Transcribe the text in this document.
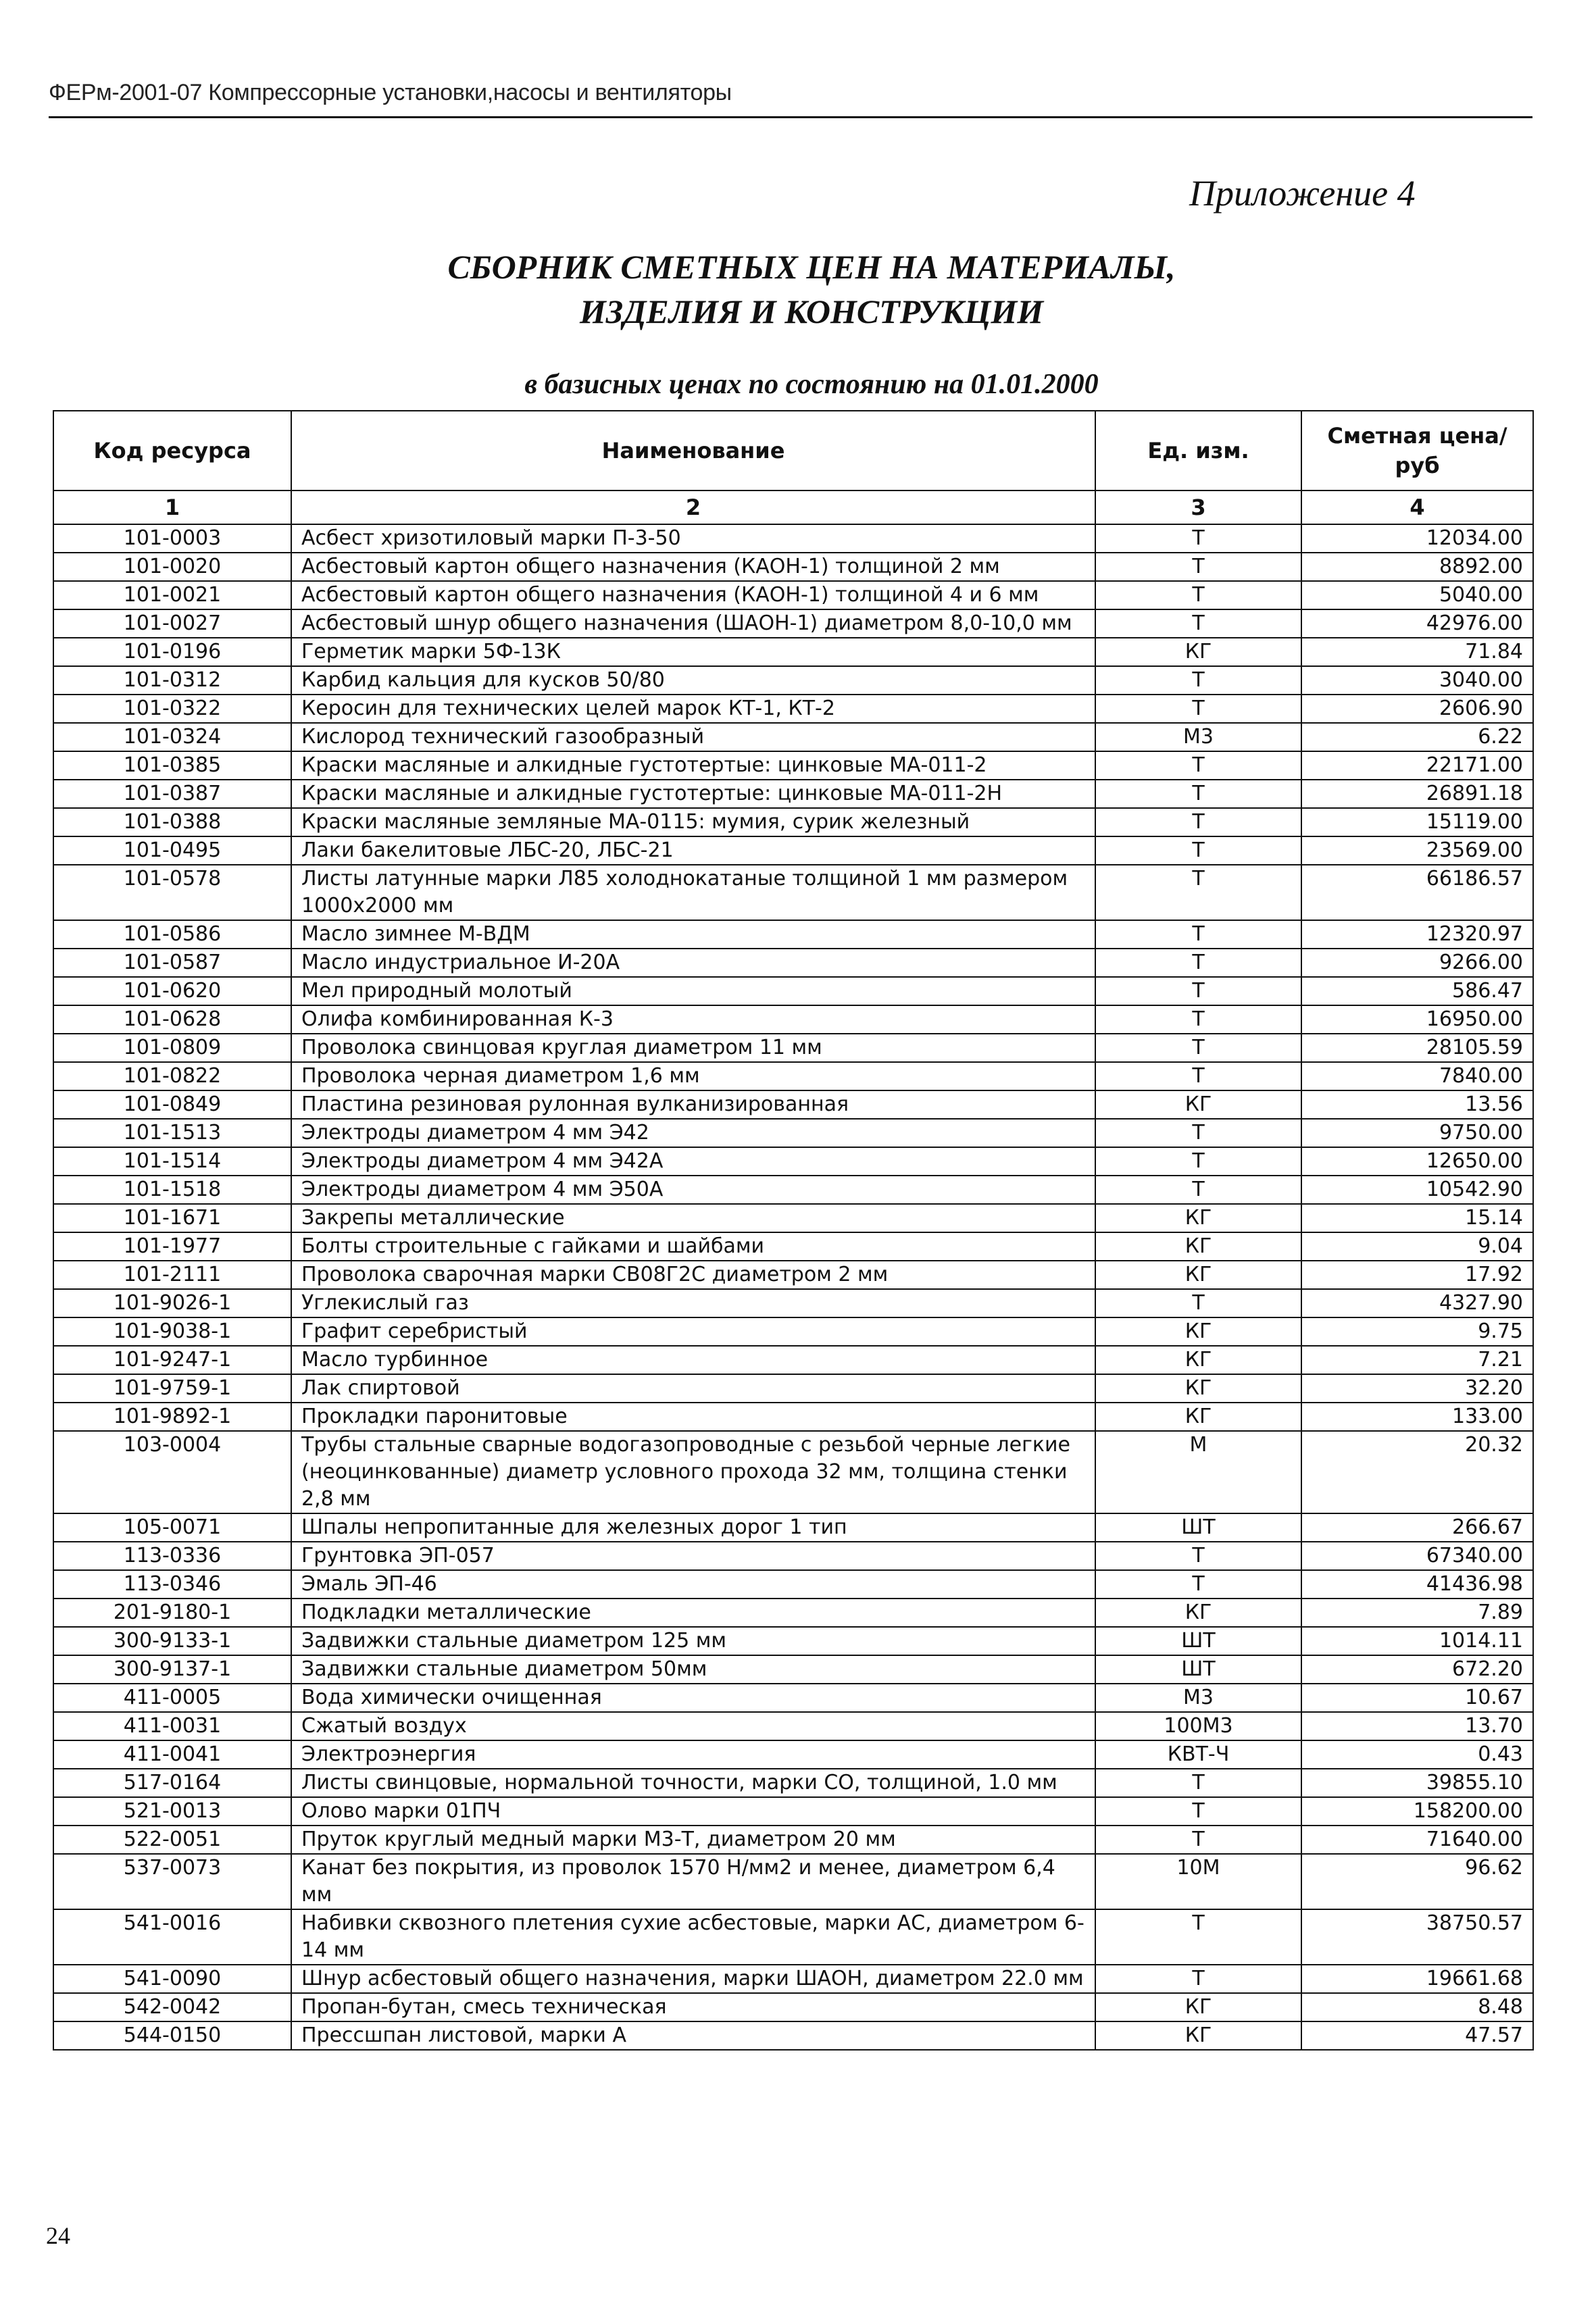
ФЕРм-2001-07 Компрессорные установки,насосы и вентиляторы
Приложение 4
СБОРНИК СМЕТНЫХ ЦЕН НА МАТЕРИАЛЫ,
ИЗДЕЛИЯ И КОНСТРУКЦИИ
в базисных ценах по состоянию на 01.01.2000
Код ресурса	Наименование	Ед. изм.	Сметная цена/руб
1	2	3	4
101-0003	Асбест хризотиловый марки П-3-50	Т	12034.00
101-0020	Асбестовый картон общего назначения (КАОН-1) толщиной 2 мм	Т	8892.00
101-0021	Асбестовый картон общего назначения (КАОН-1) толщиной 4 и 6 мм	Т	5040.00
101-0027	Асбестовый шнур общего назначения (ШАОН-1) диаметром 8,0-10,0 мм	Т	42976.00
101-0196	Герметик марки 5Ф-13К	КГ	71.84
101-0312	Карбид кальция для кусков 50/80	Т	3040.00
101-0322	Керосин для технических целей марок КТ-1, КТ-2	Т	2606.90
101-0324	Кислород технический газообразный	М3	6.22
101-0385	Краски масляные и алкидные густотертые: цинковые МА-011-2	Т	22171.00
101-0387	Краски масляные и алкидные густотертые: цинковые МА-011-2Н	Т	26891.18
101-0388	Краски масляные земляные МА-0115: мумия, сурик железный	Т	15119.00
101-0495	Лаки бакелитовые ЛБС-20, ЛБС-21	Т	23569.00
101-0578	Листы латунные марки Л85 холоднокатаные толщиной 1 мм размером 1000х2000 мм	Т	66186.57
101-0586	Масло зимнее М-ВДМ	Т	12320.97
101-0587	Масло индустриальное И-20А	Т	9266.00
101-0620	Мел природный молотый	Т	586.47
101-0628	Олифа комбинированная К-3	Т	16950.00
101-0809	Проволока свинцовая круглая диаметром 11 мм	Т	28105.59
101-0822	Проволока черная диаметром 1,6 мм	Т	7840.00
101-0849	Пластина резиновая рулонная вулканизированная	КГ	13.56
101-1513	Электроды диаметром 4 мм Э42	Т	9750.00
101-1514	Электроды диаметром 4 мм Э42А	Т	12650.00
101-1518	Электроды диаметром 4 мм Э50А	Т	10542.90
101-1671	Закрепы металлические	КГ	15.14
101-1977	Болты строительные с гайками и шайбами	КГ	9.04
101-2111	Проволока сварочная марки СВ08Г2С диаметром 2 мм	КГ	17.92
101-9026-1	Углекислый газ	Т	4327.90
101-9038-1	Графит серебристый	КГ	9.75
101-9247-1	Масло турбинное	КГ	7.21
101-9759-1	Лак спиртовой	КГ	32.20
101-9892-1	Прокладки паронитовые	КГ	133.00
103-0004	Трубы стальные сварные водогазопроводные с резьбой черные легкие (неоцинкованные) диаметр условного прохода 32 мм, толщина стенки 2,8 мм	М	20.32
105-0071	Шпалы непропитанные для железных дорог 1 тип	ШТ	266.67
113-0336	Грунтовка ЭП-057	Т	67340.00
113-0346	Эмаль ЭП-46	Т	41436.98
201-9180-1	Подкладки металлические	КГ	7.89
300-9133-1	Задвижки стальные диаметром 125 мм	ШТ	1014.11
300-9137-1	Задвижки стальные диаметром 50мм	ШТ	672.20
411-0005	Вода химически очищенная	М3	10.67
411-0031	Сжатый воздух	100М3	13.70
411-0041	Электроэнергия	КВТ-Ч	0.43
517-0164	Листы свинцовые, нормальной точности, марки СО, толщиной, 1.0 мм	Т	39855.10
521-0013	Олово марки 01ПЧ	Т	158200.00
522-0051	Пруток круглый медный марки М3-Т, диаметром 20 мм	Т	71640.00
537-0073	Канат без покрытия, из проволок 1570 Н/мм2 и менее, диаметром 6,4 мм	10М	96.62
541-0016	Набивки сквозного плетения сухие асбестовые, марки АС, диаметром 6-14 мм	Т	38750.57
541-0090	Шнур асбестовый общего назначения, марки ШАОН, диаметром 22.0 мм	Т	19661.68
542-0042	Пропан-бутан, смесь техническая	КГ	8.48
544-0150	Прессшпан листовой, марки А	КГ	47.57
24
